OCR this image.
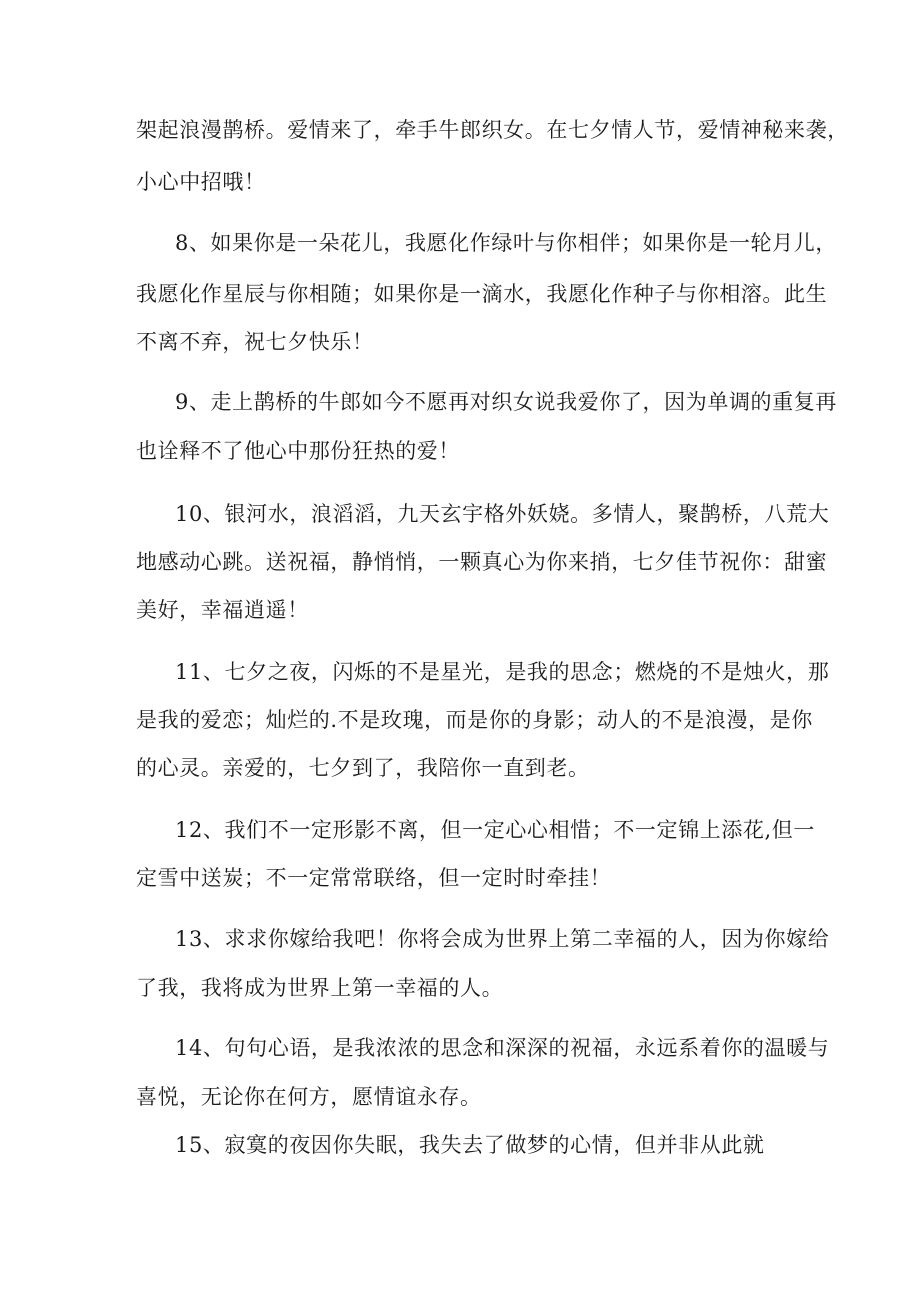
架起浪漫鹊桥。爱情来了，牵手牛郎织女。在七夕情人节，爱情神秘来袭，
小心中招哦！
8、如果你是一朵花儿，我愿化作绿叶与你相伴；如果你是一轮月儿，
我愿化作星辰与你相随；如果你是一滴水，我愿化作种子与你相溶。此生
不离不弃，祝七夕快乐！
9、走上鹊桥的牛郎如今不愿再对织女说我爱你了，因为单调的重复再
也诠释不了他心中那份狂热的爱！
10、银河水，浪滔滔，九天玄宇格外妖娆。多情人，聚鹊桥，八荒大
地感动心跳。送祝福，静悄悄，一颗真心为你来捎，七夕佳节祝你：甜蜜
美好，幸福逍遥！
11、七夕之夜，闪烁的不是星光，是我的思念；燃烧的不是烛火，那
是我的爱恋；灿烂的.不是玫瑰，而是你的身影；动人的不是浪漫，是你
的心灵。亲爱的，七夕到了，我陪你一直到老。
12、我们不一定形影不离，但一定心心相惜；不一定锦上添花,但一
定雪中送炭；不一定常常联络，但一定时时牵挂！
13、求求你嫁给我吧！你将会成为世界上第二幸福的人，因为你嫁给
了我，我将成为世界上第一幸福的人。
14、句句心语，是我浓浓的思念和深深的祝福，永远系着你的温暖与
喜悦，无论你在何方，愿情谊永存。
15、寂寞的夜因你失眠，我失去了做梦的心情，但并非从此就
